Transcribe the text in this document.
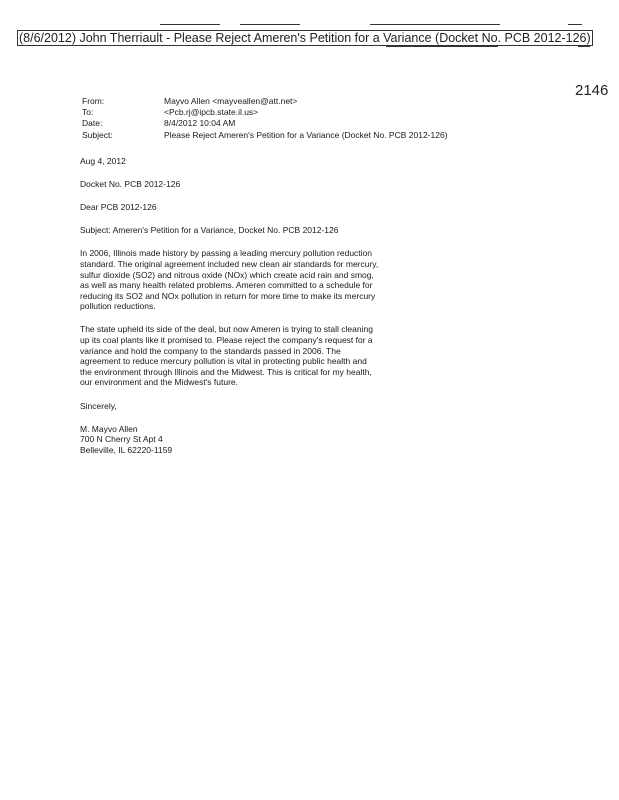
(8/6/2012) John Therriault - Please Reject Ameren's Petition for a Variance (Docket No. PCB 2012-126)
2146
From:	Mayvo Allen <mayveallen@att.net>
To:	<Pcb.rj@ipcb.state.il.us>
Date:	8/4/2012 10:04 AM
Subject:	Please Reject Ameren's Petition for a Variance (Docket No. PCB 2012-126)

Aug 4, 2012

Docket No. PCB 2012-126

Dear PCB 2012-126

Subject: Ameren's Petition for a Variance, Docket No. PCB 2012-126

In 2006, Illinois made history by passing a leading mercury pollution reduction standard. The original agreement included new clean air standards for mercury, sulfur dioxide (SO2) and nitrous oxide (NOx) which create acid rain and smog, as well as many health related problems. Ameren committed to a schedule for reducing its SO2 and NOx pollution in return for more time to make its mercury pollution reductions.

The state upheld its side of the deal, but now Ameren is trying to stall cleaning up its coal plants like it promised to. Please reject the company's request for a variance and hold the company to the standards passed in 2006. The agreement to reduce mercury pollution is vital in protecting public health and the environment through Illinois and the Midwest. This is critical for my health, our environment and the Midwest's future.

Sincerely,

M. Mayvo Allen
700 N Cherry St Apt 4
Belleville, IL 62220-1159
